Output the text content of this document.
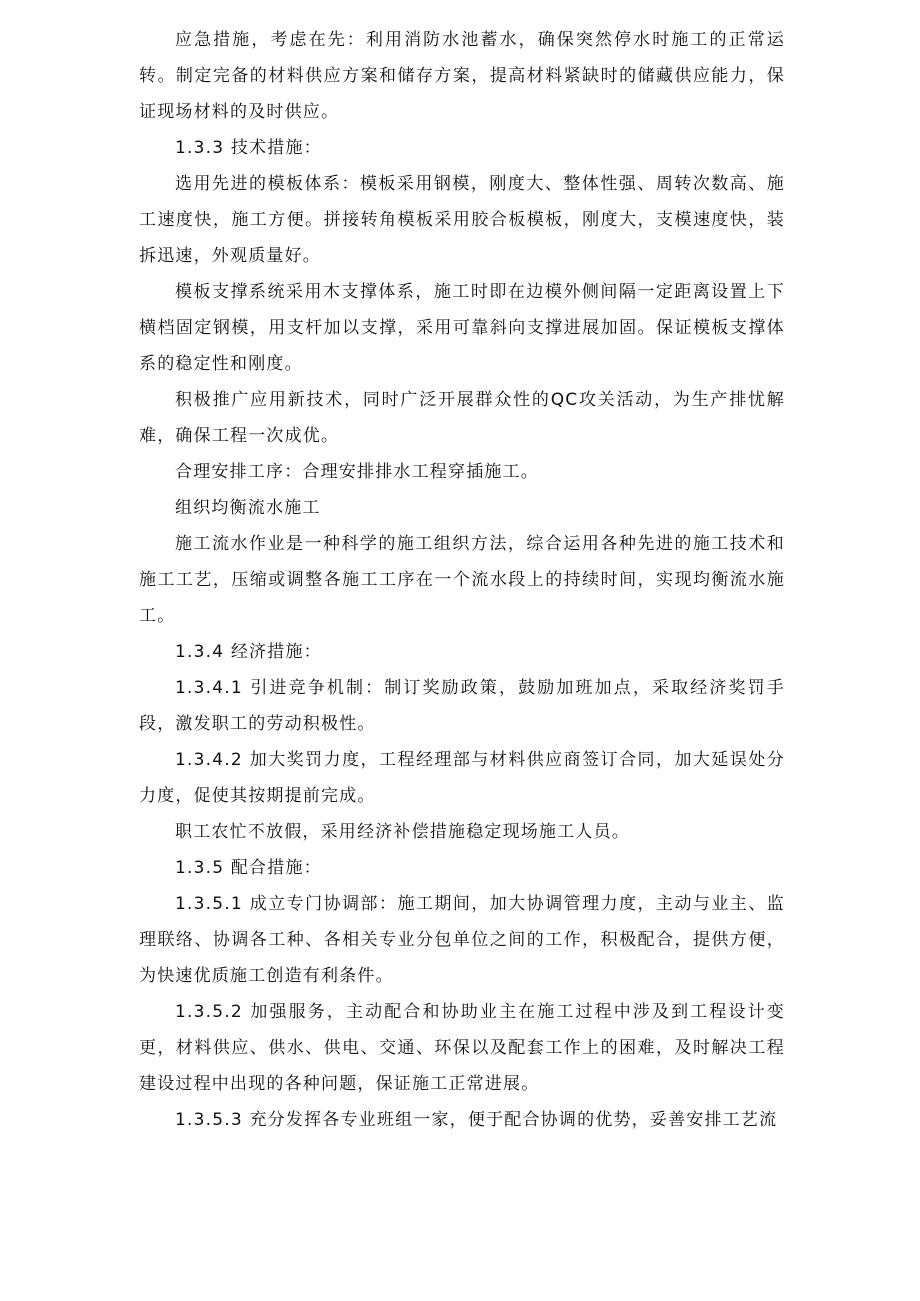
应急措施，考虑在先：利用消防水池蓄水，确保突然停水时施工的正常运转。制定完备的材料供应方案和储存方案，提高材料紧缺时的储藏供应能力，保证现场材料的及时供应。

1.3.3 技术措施：

选用先进的模板体系：模板采用钢模，刚度大、整体性强、周转次数高、施工速度快，施工方便。拼接转角模板采用胶合板模板，刚度大，支模速度快，装拆迅速，外观质量好。

模板支撑系统采用木支撑体系，施工时即在边模外侧间隔一定距离设置上下横档固定钢模，用支杆加以支撑，采用可靠斜向支撑进展加固。保证模板支撑体系的稳定性和刚度。

积极推广应用新技术，同时广泛开展群众性的QC攻关活动，为生产排忧解难，确保工程一次成优。

合理安排工序：合理安排排水工程穿插施工。

组织均衡流水施工

施工流水作业是一种科学的施工组织方法，综合运用各种先进的施工技术和施工工艺，压缩或调整各施工工序在一个流水段上的持续时间，实现均衡流水施工。

1.3.4 经济措施：

1.3.4.1 引进竞争机制：制订奖励政策，鼓励加班加点，采取经济奖罚手段，激发职工的劳动积极性。

1.3.4.2 加大奖罚力度，工程经理部与材料供应商签订合同，加大延误处分力度，促使其按期提前完成。

职工农忙不放假，采用经济补偿措施稳定现场施工人员。

1.3.5 配合措施：

1.3.5.1 成立专门协调部：施工期间，加大协调管理力度，主动与业主、监理联络、协调各工种、各相关专业分包单位之间的工作，积极配合，提供方便，为快速优质施工创造有利条件。

1.3.5.2 加强服务，主动配合和协助业主在施工过程中涉及到工程设计变更，材料供应、供水、供电、交通、环保以及配套工作上的困难，及时解决工程建设过程中出现的各种问题，保证施工正常进展。

1.3.5.3 充分发挥各专业班组一家，便于配合协调的优势，妥善安排工艺流
